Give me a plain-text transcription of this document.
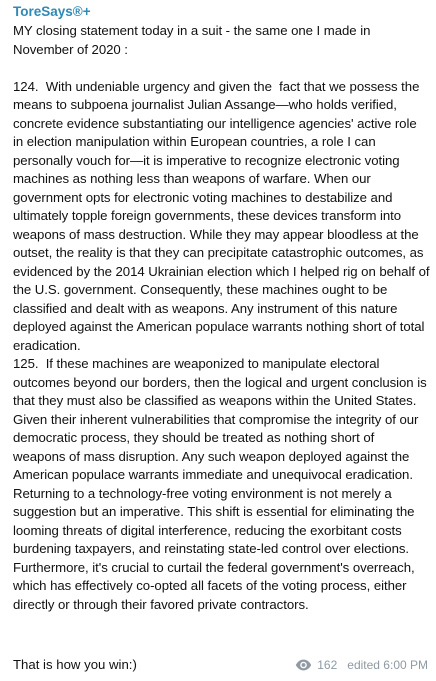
ToreSays®+

MY closing statement today in a suit - the same one I made in November of 2020 :

124.  With undeniable urgency and given the  fact that we possess the means to subpoena journalist Julian Assange—who holds verified, concrete evidence substantiating our intelligence agencies' active role in election manipulation within European countries, a role I can personally vouch for—it is imperative to recognize electronic voting machines as nothing less than weapons of warfare. When our government opts for electronic voting machines to destabilize and ultimately topple foreign governments, these devices transform into weapons of mass destruction. While they may appear bloodless at the outset, the reality is that they can precipitate catastrophic outcomes, as evidenced by the 2014 Ukrainian election which I helped rig on behalf of the U.S. government. Consequently, these machines ought to be classified and dealt with as weapons. Any instrument of this nature deployed against the American populace warrants nothing short of total eradication.
125.  If these machines are weaponized to manipulate electoral outcomes beyond our borders, then the logical and urgent conclusion is that they must also be classified as weapons within the United States. Given their inherent vulnerabilities that compromise the integrity of our democratic process, they should be treated as nothing short of weapons of mass disruption. Any such weapon deployed against the American populace warrants immediate and unequivocal eradication. Returning to a technology-free voting environment is not merely a suggestion but an imperative. This shift is essential for eliminating the looming threats of digital interference, reducing the exorbitant costs burdening taxpayers, and reinstating state-led control over elections. Furthermore, it's crucial to curtail the federal government's overreach, which has effectively co-opted all facets of the voting process, either directly or through their favored private contractors.

That is how you win:)	162 edited 6:00 PM
